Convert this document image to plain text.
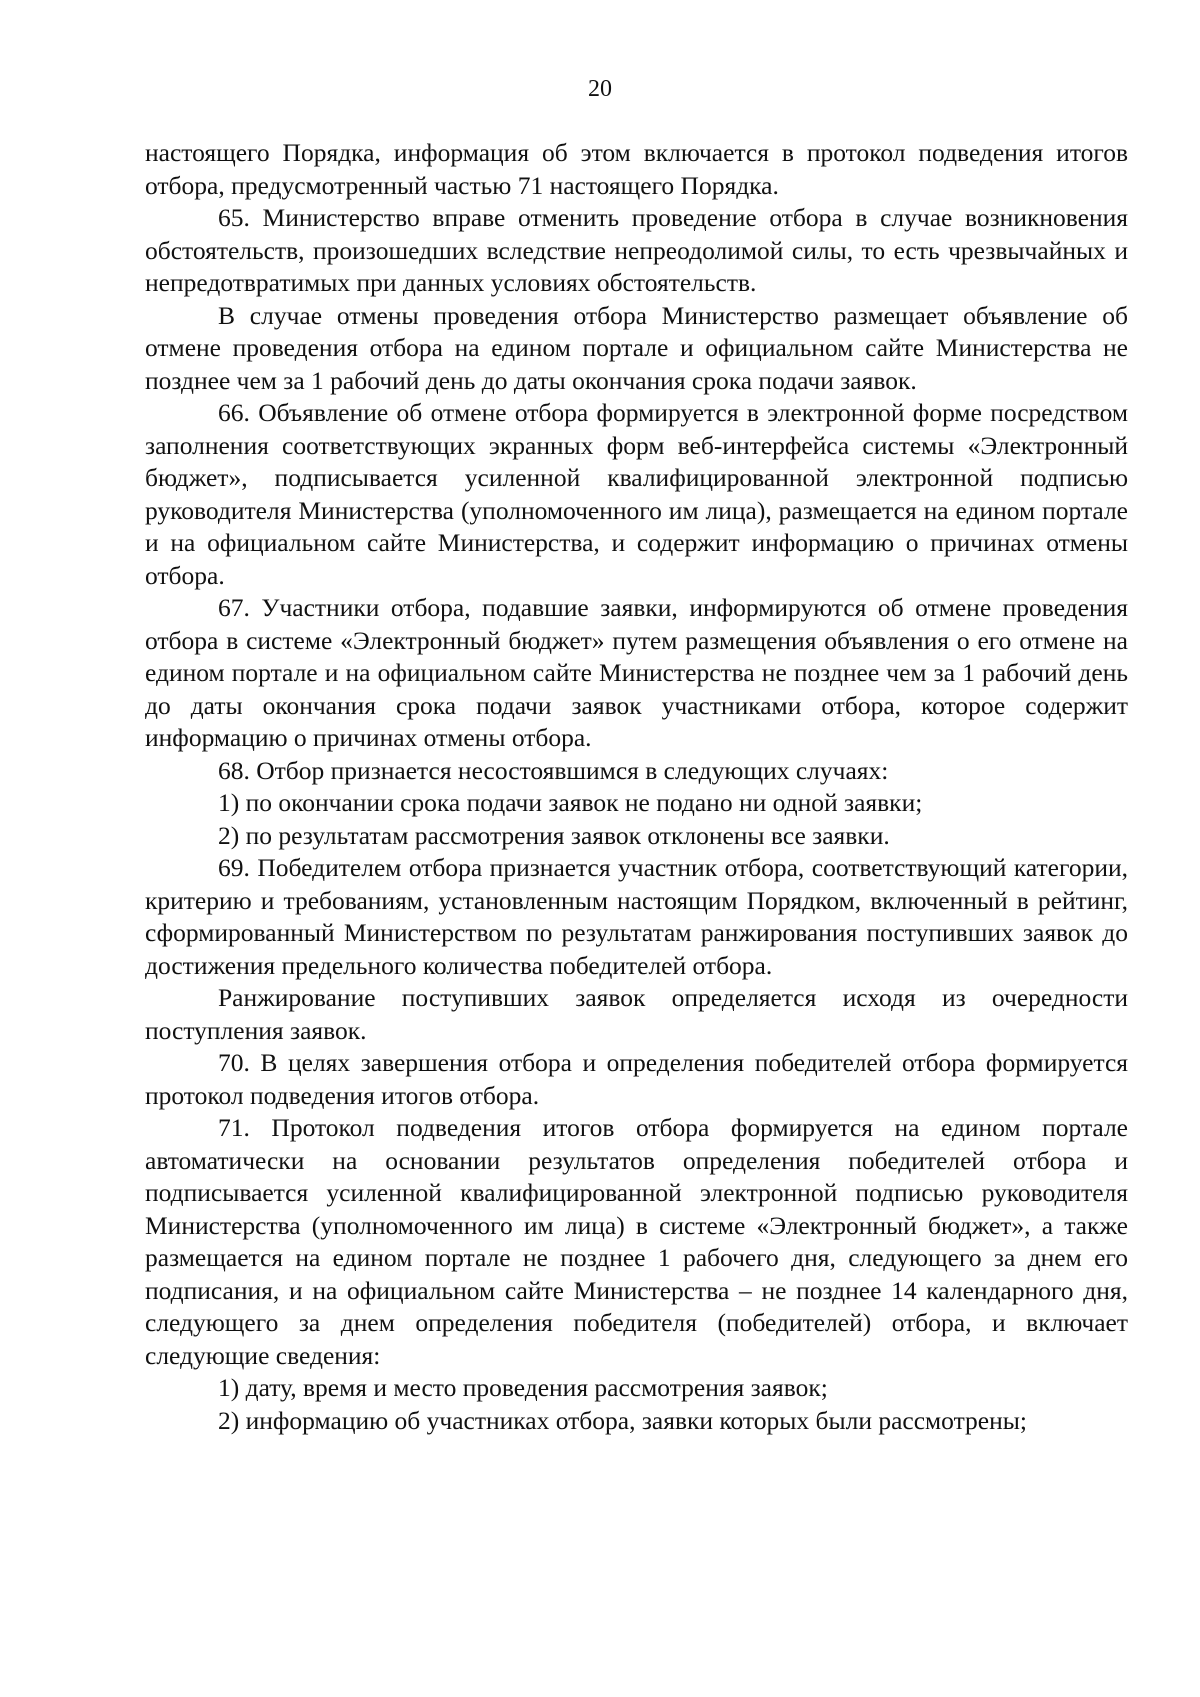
20

настоящего Порядка, информация об этом включается в протокол подведения итогов отбора, предусмотренный частью 71 настоящего Порядка.

65. Министерство вправе отменить проведение отбора в случае возникновения обстоятельств, произошедших вследствие непреодолимой силы, то есть чрезвычайных и непредотвратимых при данных условиях обстоятельств.

В случае отмены проведения отбора Министерство размещает объявление об отмене проведения отбора на едином портале и официальном сайте Министерства не позднее чем за 1 рабочий день до даты окончания срока подачи заявок.

66. Объявление об отмене отбора формируется в электронной форме посредством заполнения соответствующих экранных форм веб-интерфейса системы «Электронный бюджет», подписывается усиленной квалифицированной электронной подписью руководителя Министерства (уполномоченного им лица), размещается на едином портале и на официальном сайте Министерства, и содержит информацию о причинах отмены отбора.

67. Участники отбора, подавшие заявки, информируются об отмене проведения отбора в системе «Электронный бюджет» путем размещения объявления о его отмене на едином портале и на официальном сайте Министерства не позднее чем за 1 рабочий день до даты окончания срока подачи заявок участниками отбора, которое содержит информацию о причинах отмены отбора.

68. Отбор признается несостоявшимся в следующих случаях:

1) по окончании срока подачи заявок не подано ни одной заявки;

2) по результатам рассмотрения заявок отклонены все заявки.

69. Победителем отбора признается участник отбора, соответствующий категории, критерию и требованиям, установленным настоящим Порядком, включенный в рейтинг, сформированный Министерством по результатам ранжирования поступивших заявок до достижения предельного количества победителей отбора.

Ранжирование поступивших заявок определяется исходя из очередности поступления заявок.

70. В целях завершения отбора и определения победителей отбора формируется протокол подведения итогов отбора.

71. Протокол подведения итогов отбора формируется на едином портале автоматически на основании результатов определения победителей отбора и подписывается усиленной квалифицированной электронной подписью руководителя Министерства (уполномоченного им лица) в системе «Электронный бюджет», а также размещается на едином портале не позднее 1 рабочего дня, следующего за днем его подписания, и на официальном сайте Министерства – не позднее 14 календарного дня, следующего за днем определения победителя (победителей) отбора, и включает следующие сведения:

1) дату, время и место проведения рассмотрения заявок;

2) информацию об участниках отбора, заявки которых были рассмотрены;
